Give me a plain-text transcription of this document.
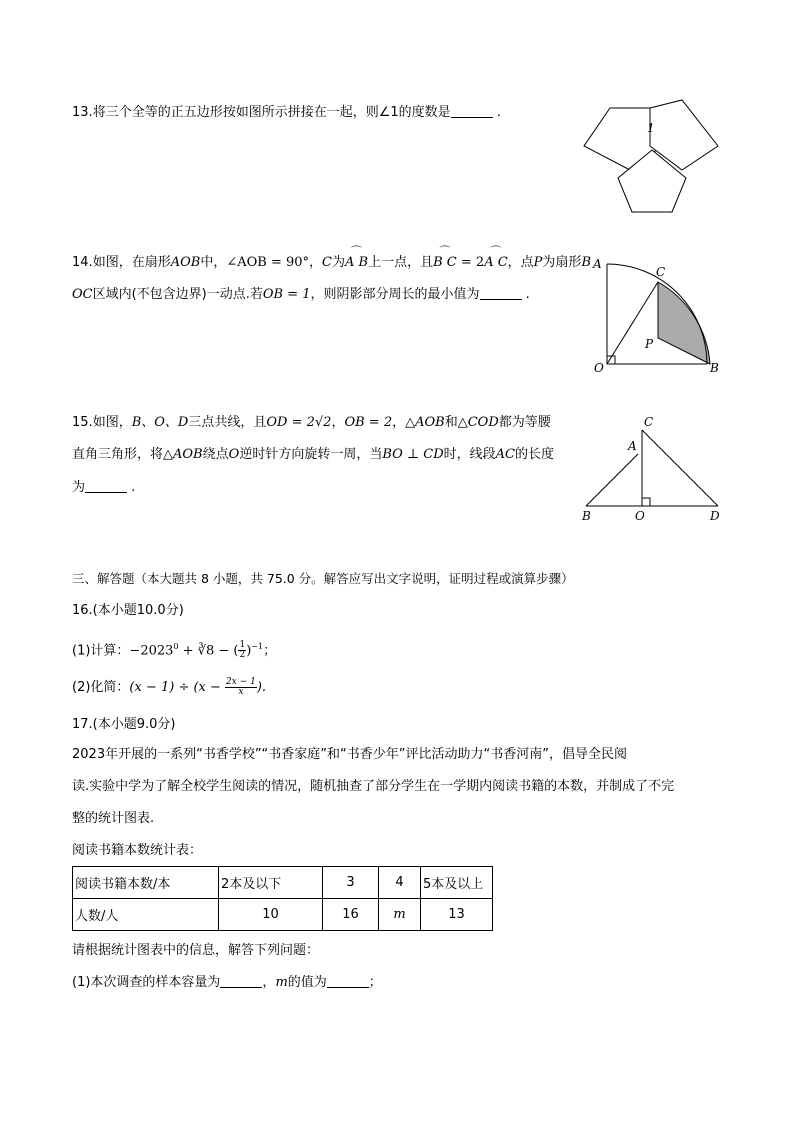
13.将三个全等的正五边形按如图所示拼接在一起，则∠1的度数是	.
1
14.如图，在扇形AOB中，∠AOB = 90°，C为⌒ A B上一点，且⌒ B C = 2⌒ A C，点P为扇形B
OC区域内(不包含边界)一动点.若OB = 1，则阴影部分周长的最小值为	.
A
C
P
O	B
15.如图，B、O、D三点共线，且OD = 2√2，OB = 2，△AOB和△COD都为等腰
直角三角形，将△AOB绕点O逆时针方向旋转一周，当BO ⊥ CD时，线段AC的长度
为	.
C
A
B	O	D
三、解答题（本大题共 8 小题，共 75.0 分。解答应写出文字说明，证明过程或演算步骤）
16.(本小题10.0分)
(1)计算：$-2023^0$ + ∛8 − ( $\frac{1}{2} )^{-1}$；
(2)化简：$(x - 1) \div (x - \frac{2x - 1}{x}$ ).
17.(本小题9.0分)
2023年开展的一系列“书香学校”“书香家庭”和“书香少年”评比活动助力“书香河南”，倡导全民阅
读.实验中学为了解全校学生阅读的情况，随机抽查了部分学生在一学期内阅读书籍的本数，并制成了不完
整的统计图表.
阅读书籍本数统计表：
阅读书籍本数/本	2本及以下	3	4	5本及以上
人数/人	10	16	m	13
请根据统计图表中的信息，解答下列问题：
(1)本次调查的样本容量为	，m的值为	；
